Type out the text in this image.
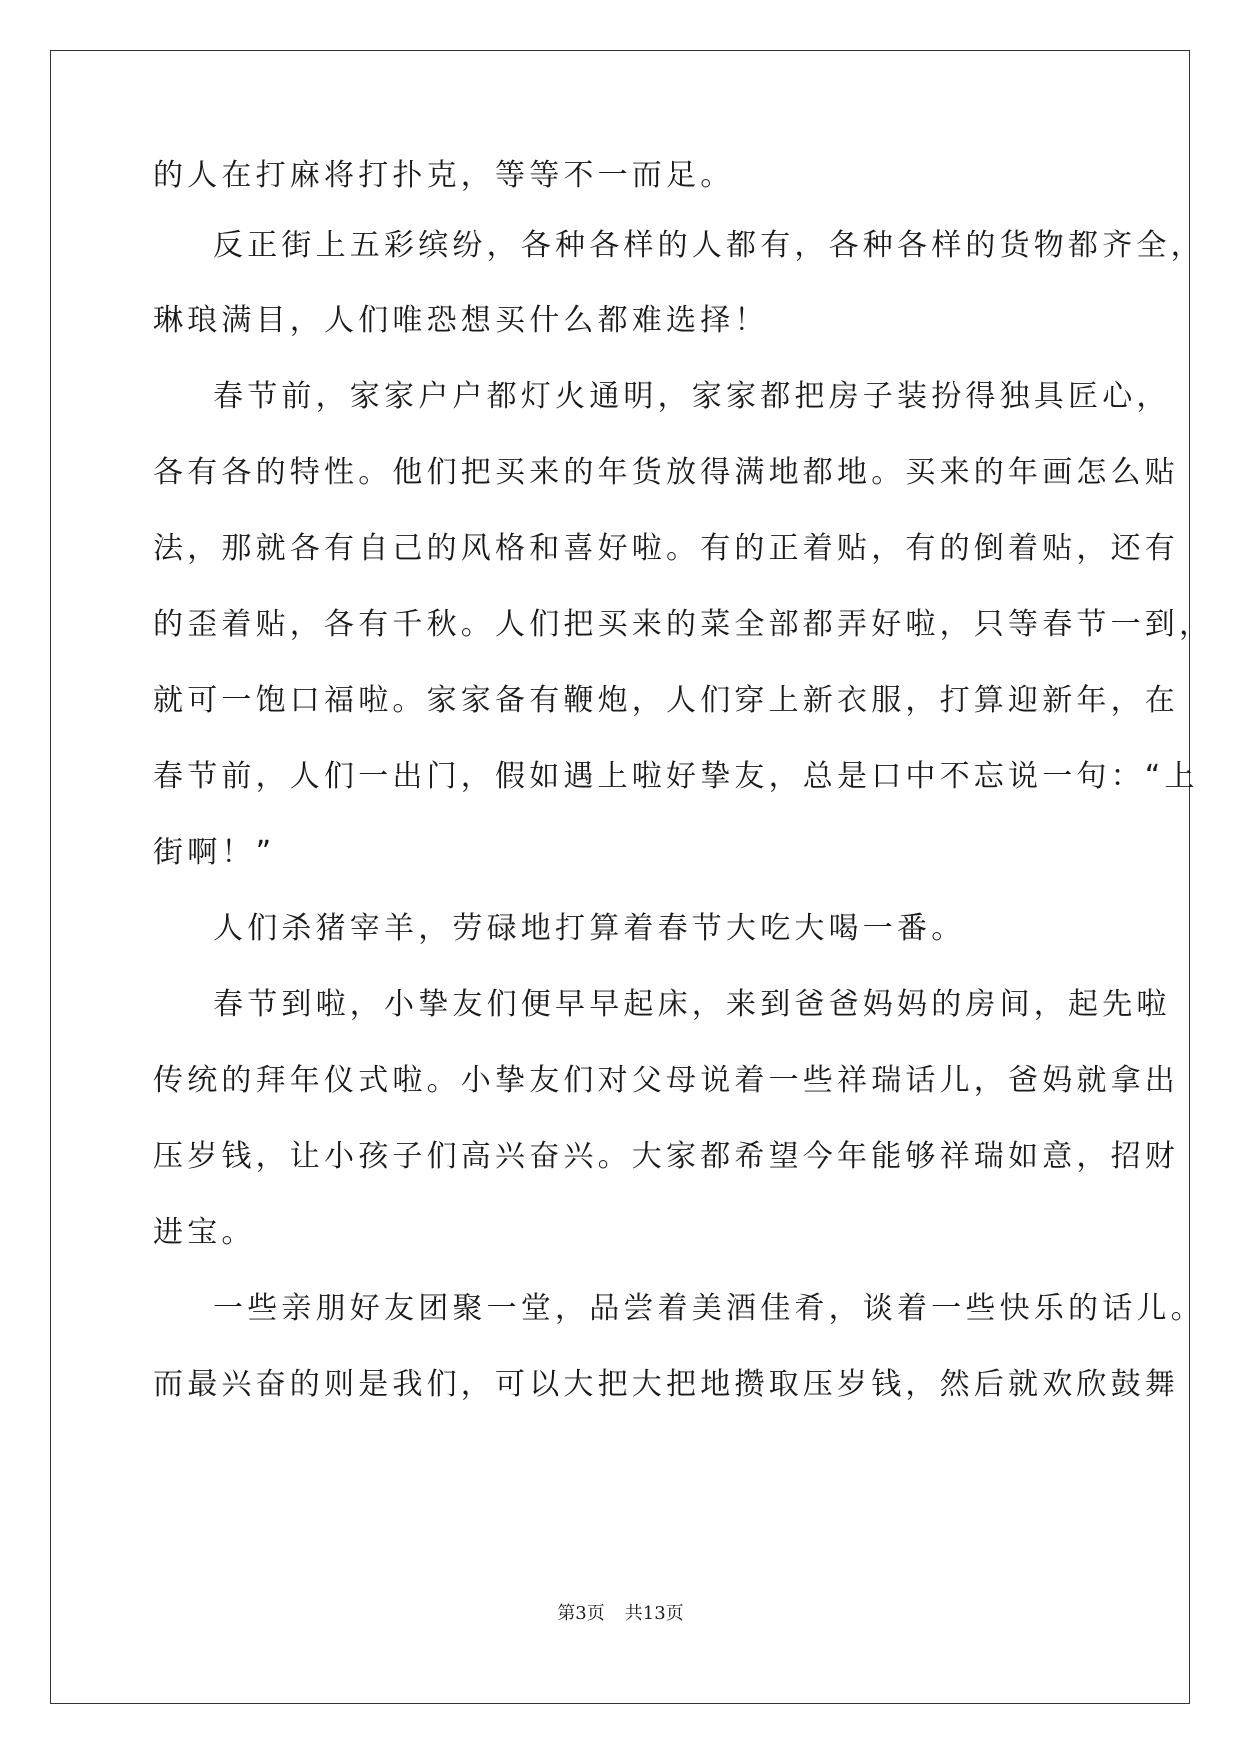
的人在打麻将打扑克，等等不一而足。
反正街上五彩缤纷，各种各样的人都有，各种各样的货物都齐全，
琳琅满目，人们唯恐想买什么都难选择！
春节前，家家户户都灯火通明，家家都把房子装扮得独具匠心，
各有各的特性。他们把买来的年货放得满地都地。买来的年画怎么贴
法，那就各有自己的风格和喜好啦。有的正着贴，有的倒着贴，还有
的歪着贴，各有千秋。人们把买来的菜全部都弄好啦，只等春节一到，
就可一饱口福啦。家家备有鞭炮，人们穿上新衣服，打算迎新年，在
春节前，人们一出门，假如遇上啦好挚友，总是口中不忘说一句：“上
街啊！”
人们杀猪宰羊，劳碌地打算着春节大吃大喝一番。
春节到啦，小挚友们便早早起床，来到爸爸妈妈的房间，起先啦
传统的拜年仪式啦。小挚友们对父母说着一些祥瑞话儿，爸妈就拿出
压岁钱，让小孩子们高兴奋兴。大家都希望今年能够祥瑞如意，招财
进宝。
一些亲朋好友团聚一堂，品尝着美酒佳肴，谈着一些快乐的话儿。
而最兴奋的则是我们，可以大把大把地攒取压岁钱，然后就欢欣鼓舞
第3页 共13页
